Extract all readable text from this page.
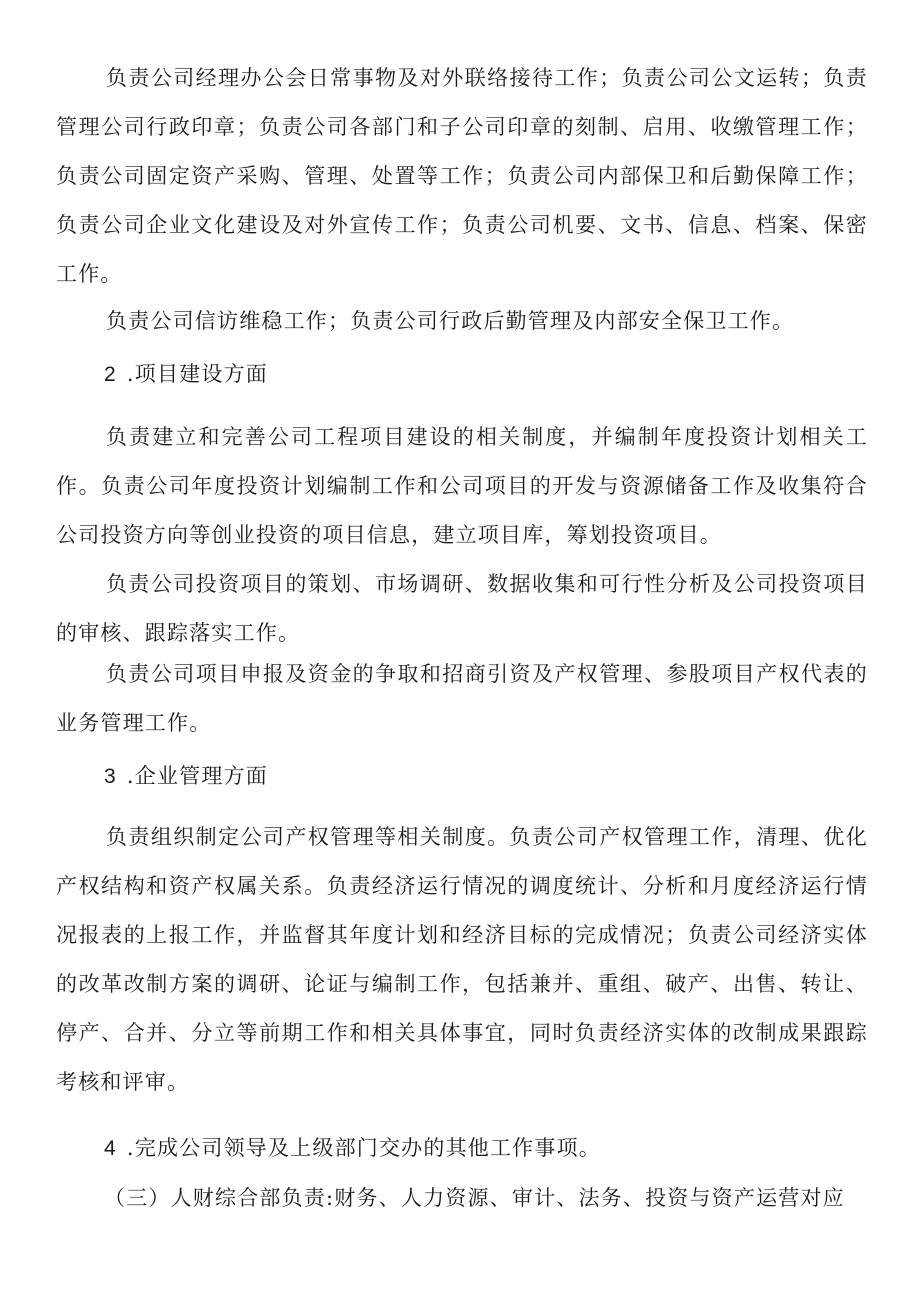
负责公司经理办公会日常事物及对外联络接待工作；负责公司公文运转；负责管理公司行政印章；负责公司各部门和子公司印章的刻制、启用、收缴管理工作；负责公司固定资产采购、管理、处置等工作；负责公司内部保卫和后勤保障工作；负责公司企业文化建设及对外宣传工作；负责公司机要、文书、信息、档案、保密工作。

负责公司信访维稳工作；负责公司行政后勤管理及内部安全保卫工作。

2 .项目建设方面

负责建立和完善公司工程项目建设的相关制度，并编制年度投资计划相关工作。负责公司年度投资计划编制工作和公司项目的开发与资源储备工作及收集符合公司投资方向等创业投资的项目信息，建立项目库，筹划投资项目。

负责公司投资项目的策划、市场调研、数据收集和可行性分析及公司投资项目的审核、跟踪落实工作。

负责公司项目申报及资金的争取和招商引资及产权管理、参股项目产权代表的业务管理工作。

3 .企业管理方面

负责组织制定公司产权管理等相关制度。负责公司产权管理工作，清理、优化产权结构和资产权属关系。负责经济运行情况的调度统计、分析和月度经济运行情况报表的上报工作，并监督其年度计划和经济目标的完成情况；负责公司经济实体的改革改制方案的调研、论证与编制工作，包括兼并、重组、破产、出售、转让、停产、合并、分立等前期工作和相关具体事宜，同时负责经济实体的改制成果跟踪考核和评审。

4 .完成公司领导及上级部门交办的其他工作事项。

（三）人财综合部负责:财务、人力资源、审计、法务、投资与资产运营对应
